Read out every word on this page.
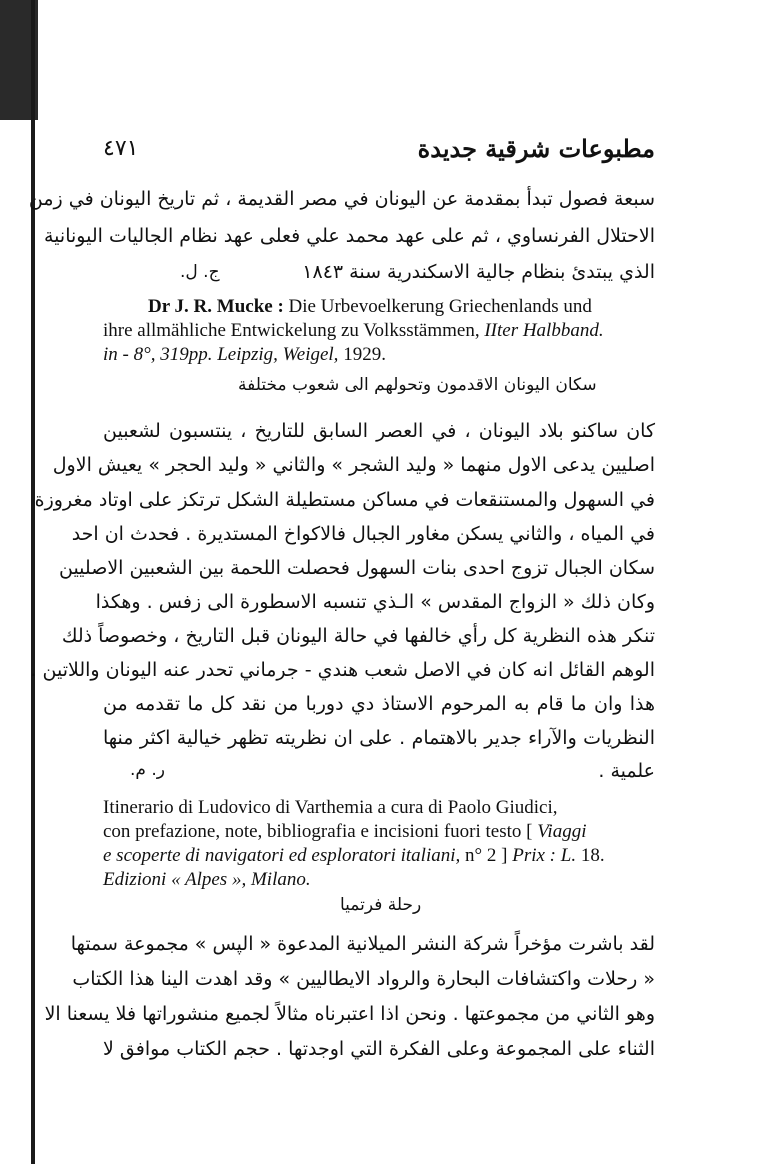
٤٧١	مطبوعات شرقية جديدة
سبعة فصول تبدأ بمقدمة عن اليونان في مصر القديمة ، ثم تاريخ اليونان في زمن
الاحتلال الفرنساوي ، ثم على عهد محمد علي فعلى عهد نظام الجاليات اليونانية
الذي يبتدئ بنظام جالية الاسكندرية سنة ١٨٤٣
ج. ل.
Dr J. R. Mucke : Die Urbevoelkerung Griechenlands und
ihre allmähliche Entwickelung zu Volksstämmen, IIter Halbband.
in - 8°, 319pp. Leipzig, Weigel, 1929.
سكان اليونان الاقدمون وتحولهم الى شعوب مختلفة
كان ساكنو بلاد اليونان ، في العصر السابق للتاريخ ، ينتسبون لشعبين
اصليين يدعى الاول منهما « وليد الشجر » والثاني « وليد الحجر » يعيش الاول
في السهول والمستنقعات في مساكن مستطيلة الشكل ترتكز على اوتاد مغروزة
في المياه ، والثاني يسكن مغاور الجبال فالاكواخ المستديرة . فحدث ان احد
سكان الجبال تزوج احدى بنات السهول فحصلت اللحمة بين الشعبين الاصليين
وكان ذلك « الزواج المقدس » الـذي تنسبه الاسطورة الى زفس . وهكذا
تنكر هذه النظرية كل رأي خالفها في حالة اليونان قبل التاريخ ، وخصوصاً ذلك
الوهم القائل انه كان في الاصل شعب هندي - جرماني تحدر عنه اليونان واللاتين .
هذا وان ما قام به المرحوم الاستاذ دي دوربا من نقد كل ما تقدمه من
النظريات والآراء جدير بالاهتمام . على ان نظريته تظهر خيالية اكثر منها
علمية .
ر. م.
Itinerario di Ludovico di Varthemia a cura di Paolo Giudici,
con prefazione, note, bibliografia e incisioni fuori testo [ Viaggi
e scoperte di navigatori ed esploratori italiani, n° 2 ] Prix : L. 18.
Edizioni « Alpes », Milano.
رحلة فرتميا
لقد باشرت مؤخراً شركة النشر الميلانية المدعوة « الپس » مجموعة سمتها
« رحلات واكتشافات البحارة والرواد الايطاليين » وقد اهدت الينا هذا الكتاب
وهو الثاني من مجموعتها . ونحن اذا اعتبرناه مثالاً لجميع منشوراتها فلا يسعنا الا
الثناء على المجموعة وعلى الفكرة التي اوجدتها . حجم الكتاب موافق لا
